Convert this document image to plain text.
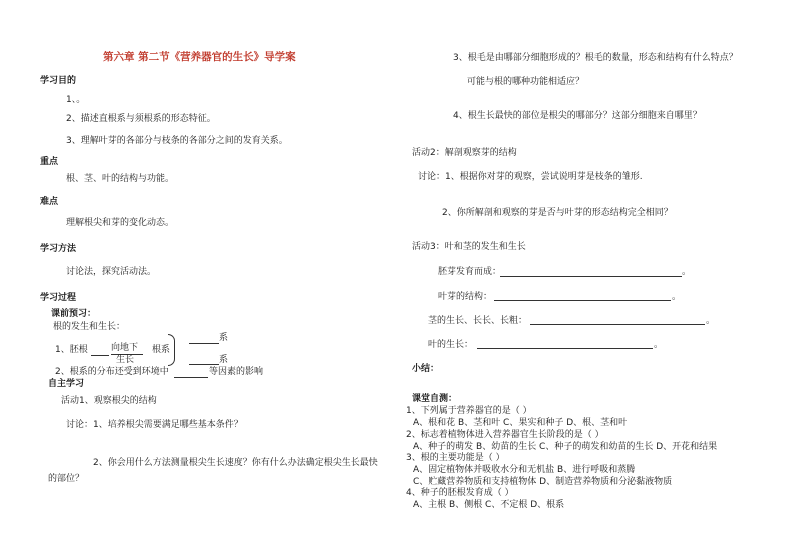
第六章 第二节《营养器官的生长》导学案
学习目的
1、。
2、描述直根系与须根系的形态特征。
3、理解叶芽的各部分与枝条的各部分之间的发育关系。
重点
根、茎、叶的结构与功能。
难点
理解根尖和芽的变化动态。
学习方法
讨论法，探究活动法。
学习过程
课前预习：
根的发生和生长：
1、胚根	向地下
生长
根系
系
系
2、根系的分布还受到环境中	等因素的影响
自主学习
活动1、观察根尖的结构
讨论：1、培养根尖需要满足哪些基本条件？
2、你会用什么方法测量根尖生长速度？你有什么办法确定根尖生长最快
的部位？
3、根毛是由哪部分细胞形成的？根毛的数量，形态和结构有什么特点？
可能与根的哪种功能相适应？
4、根生长最快的部位是根尖的哪部分？这部分细胞来自哪里？
活动2：解剖观察芽的结构
讨论：1、根据你对芽的观察，尝试说明芽是枝条的雏形.
2、你所解剖和观察的芽是否与叶芽的形态结构完全相同？
活动3：叶和茎的发生和生长
胚芽发育而成：	。
叶芽的结构：	。
茎的生长、长长、长粗：	。
叶的生长：	。
小结：
课堂自测：
1、下列属于营养器官的是（ ）
A、根和花 B、茎和叶 C、果实和种子 D、根、茎和叶
2、标志着植物体进入营养器官生长阶段的是（ ）
A、种子的萌发 B、幼苗的生长 C、种子的萌发和幼苗的生长 D、开花和结果
3、根的主要功能是（ ）
A、固定植物体并吸收水分和无机盐 B、进行呼吸和蒸腾
C、贮藏营养物质和支持植物体 D、制造营养物质和分泌黏液物质
4、种子的胚根发育成（ ）
A、主根 B、侧根 C、不定根 D、根系
